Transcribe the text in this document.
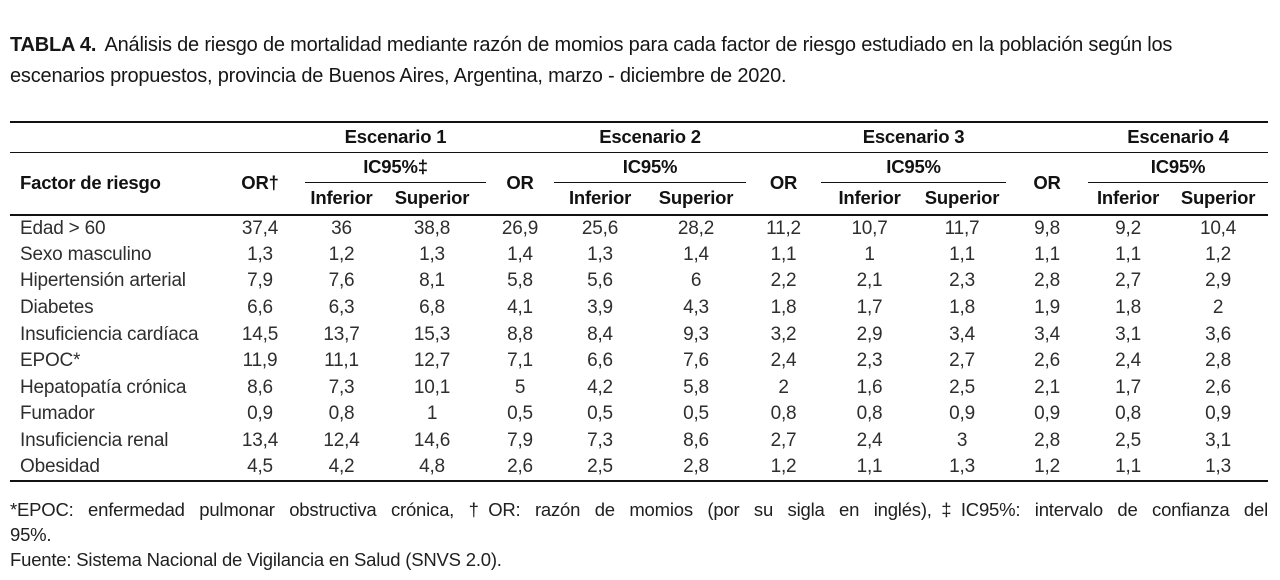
TABLA 4. Análisis de riesgo de mortalidad mediante razón de momios para cada factor de riesgo estudiado en la población según los escenarios propuestos, provincia de Buenos Aires, Argentina, marzo - diciembre de 2020.

		Escenario 1			Escenario 2			Escenario 3			Escenario 4	
Factor de riesgo	OR†	IC95%‡		OR	IC95%		OR	IC95%		OR	IC95%	
		Inferior	Superior		Inferior	Superior		Inferior	Superior		Inferior	Superior
Edad > 60	37,4	36	38,8	26,9	25,6	28,2	11,2	10,7	11,7	9,8	9,2	10,4
Sexo masculino	1,3	1,2	1,3	1,4	1,3	1,4	1,1	1	1,1	1,1	1,1	1,2
Hipertensión arterial	7,9	7,6	8,1	5,8	5,6	6	2,2	2,1	2,3	2,8	2,7	2,9
Diabetes	6,6	6,3	6,8	4,1	3,9	4,3	1,8	1,7	1,8	1,9	1,8	2
Insuficiencia cardíaca	14,5	13,7	15,3	8,8	8,4	9,3	3,2	2,9	3,4	3,4	3,1	3,6
EPOC*	11,9	11,1	12,7	7,1	6,6	7,6	2,4	2,3	2,7	2,6	2,4	2,8
Hepatopatía crónica	8,6	7,3	10,1	5	4,2	5,8	2	1,6	2,5	2,1	1,7	2,6
Fumador	0,9	0,8	1	0,5	0,5	0,5	0,8	0,8	0,9	0,9	0,8	0,9
Insuficiencia renal	13,4	12,4	14,6	7,9	7,3	8,6	2,7	2,4	3	2,8	2,5	3,1
Obesidad	4,5	4,2	4,8	2,6	2,5	2,8	1,2	1,1	1,3	1,2	1,1	1,3

*EPOC: enfermedad pulmonar obstructiva crónica, †OR: razón de momios (por su sigla en inglés),‡IC95%: intervalo de confianza del

95%.

Fuente: Sistema Nacional de Vigilancia en Salud (SNVS 2.0).
